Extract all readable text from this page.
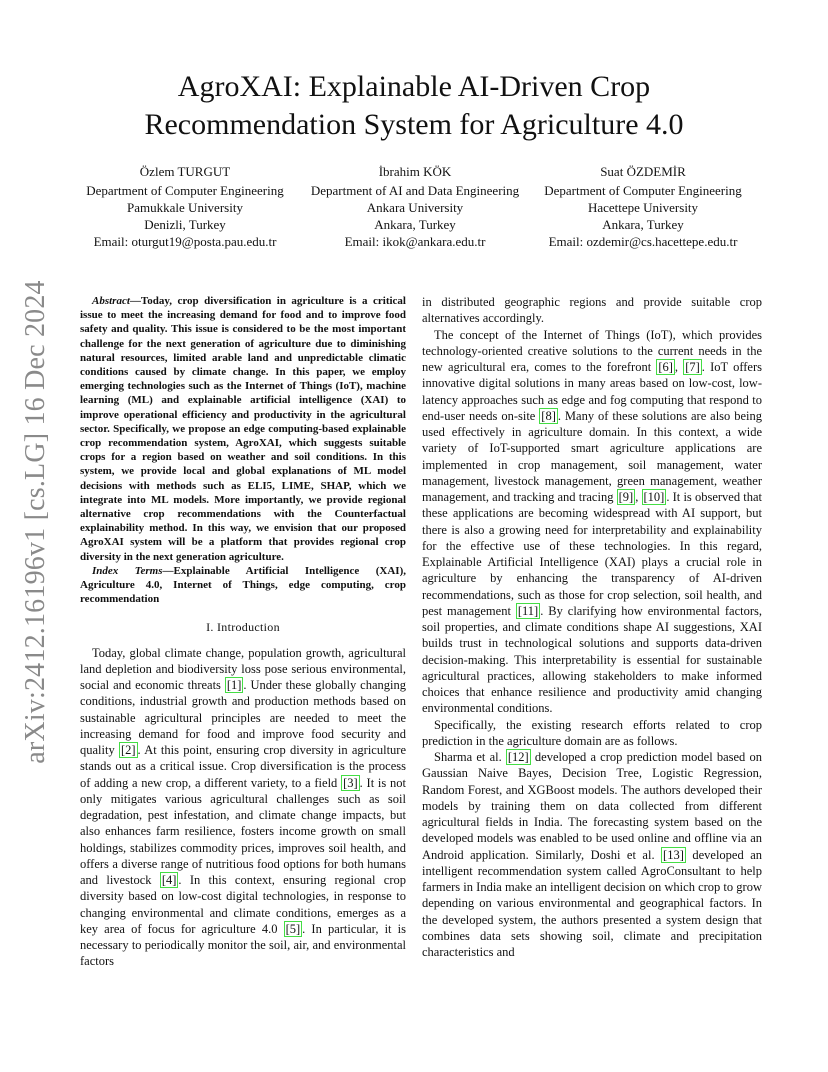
arXiv:2412.16196v1 [cs.LG] 16 Dec 2024
AgroXAI: Explainable AI-Driven Crop
Recommendation System for Agriculture 4.0
Özlem TURGUT
Department of Computer Engineering
Pamukkale University
Denizli, Turkey
Email: oturgut19@posta.pau.edu.tr
İbrahim KÖK
Department of AI and Data Engineering
Ankara University
Ankara, Turkey
Email: ikok@ankara.edu.tr
Suat ÖZDEMİR
Department of Computer Engineering
Hacettepe University
Ankara, Turkey
Email: ozdemir@cs.hacettepe.edu.tr

Abstract—Today, crop diversification in agriculture is a critical issue to meet the increasing demand for food and to improve food safety and quality. This issue is considered to be the most important challenge for the next generation of agriculture due to diminishing natural resources, limited arable land and unpredictable climatic conditions caused by climate change. In this paper, we employ emerging technologies such as the Internet of Things (IoT), machine learning (ML) and explainable artificial intelligence (XAI) to improve operational efficiency and productivity in the agricultural sector. Specifically, we propose an edge computing-based explainable crop recommendation system, AgroXAI, which suggests suitable crops for a region based on weather and soil conditions. In this system, we provide local and global explanations of ML model decisions with methods such as ELI5, LIME, SHAP, which we integrate into ML models. More importantly, we provide regional alternative crop recommendations with the Counterfactual explainability method. In this way, we envision that our proposed AgroXAI system will be a platform that provides regional crop diversity in the next generation agriculture.

Index Terms—Explainable Artificial Intelligence (XAI), Agriculture 4.0, Internet of Things, edge computing, crop recommendation

I. Introduction

Today, global climate change, population growth, agricultural land depletion and biodiversity loss pose serious environmental, social and economic threats [1] . Under these globally changing conditions, industrial growth and production methods based on sustainable agricultural principles are needed to meet the increasing demand for food and improve food security and quality [2] . At this point, ensuring crop diversity in agriculture stands out as a critical issue. Crop diversification is the process of adding a new crop, a different variety, to a field [3] . It is not only mitigates various agricultural challenges such as soil degradation, pest infestation, and climate change impacts, but also enhances farm resilience, fosters income growth on small holdings, stabilizes commodity prices, improves soil health, and offers a diverse range of nutritious food options for both humans and livestock [4] . In this context, ensuring regional crop diversity based on low-cost digital technologies, in response to changing environmental and climate conditions, emerges as a key area of focus for agriculture 4.0 [5] . In particular, it is necessary to periodically monitor the soil, air, and environmental factors

in distributed geographic regions and provide suitable crop alternatives accordingly.

The concept of the Internet of Things (IoT), which provides technology-oriented creative solutions to the current needs in the new agricultural era, comes to the forefront [6] , [7] . IoT offers innovative digital solutions in many areas based on low-cost, low-latency approaches such as edge and fog computing that respond to end-user needs on-site [8] . Many of these solutions are also being used effectively in agriculture domain. In this context, a wide variety of IoT-supported smart agriculture applications are implemented in crop management, soil management, water management, livestock management, green management, weather management, and tracking and tracing [9] , [10] . It is observed that these applications are becoming widespread with AI support, but there is also a growing need for interpretability and explainability for the effective use of these technologies. In this regard, Explainable Artificial Intelligence (XAI) plays a crucial role in agriculture by enhancing the transparency of AI-driven recommendations, such as those for crop selection, soil health, and pest management [11] . By clarifying how environmental factors, soil properties, and climate conditions shape AI suggestions, XAI builds trust in technological solutions and supports data-driven decision-making. This interpretability is essential for sustainable agricultural practices, allowing stakeholders to make informed choices that enhance resilience and productivity amid changing environmental conditions.

Specifically, the existing research efforts related to crop prediction in the agriculture domain are as follows.

Sharma et al. [12] developed a crop prediction model based on Gaussian Naive Bayes, Decision Tree, Logistic Regression, Random Forest, and XGBoost models. The authors developed their models by training them on data collected from different agricultural fields in India. The forecasting system based on the developed models was enabled to be used online and offline via an Android application. Similarly, Doshi et al. [13] developed an intelligent recommendation system called AgroConsultant to help farmers in India make an intelligent decision on which crop to grow depending on various environmental and geographical factors. In the developed system, the authors presented a system design that combines data sets showing soil, climate and precipitation characteristics and
